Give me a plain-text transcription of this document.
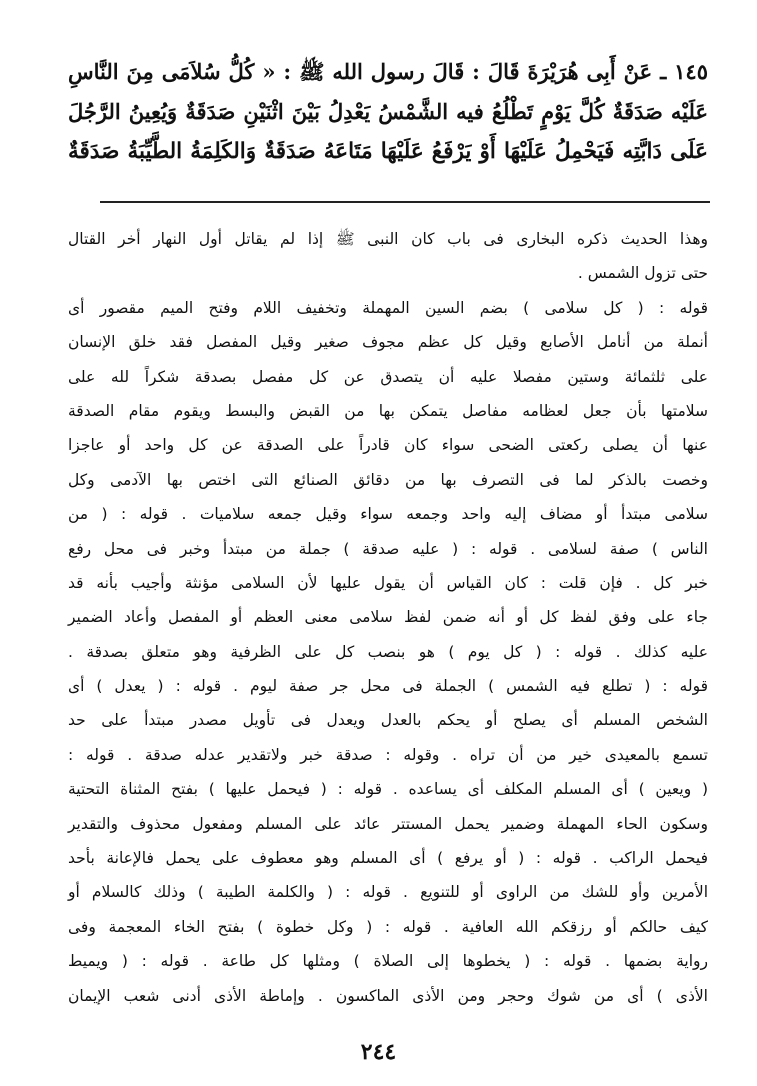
١٤٥ ـ عَنْ أَبِى هُرَيْرَةَ قَالَ : قَالَ رسول الله ﷺ : « كُلُّ سُلاَمَى مِنَ النَّاسِ
عَلَيْه صَدَقَةٌ كُلَّ يَوْمٍ تَطْلُعُ فيه الشَّمْسُ يَعْدِلُ بَيْنَ اثْنَيْنِ صَدَقَةٌ وَيُعِينُ الرَّجُلَ
عَلَى دَابَّتِه فَيَحْمِلُ عَلَيْهَا أَوْ يَرْفَعُ عَلَيْهَا مَتَاعَهُ صَدَقَةٌ وَالكَلِمَةُ الطَّيِّبَةُ صَدَقَةٌ
وهذا الحديث ذكره البخارى فى باب كان النبى ﷺ إذا لم يقاتل أول النهار أخر القتال
حتى تزول الشمس .
قوله : ( كل سلامى ) بضم السين المهملة وتخفيف اللام وفتح الميم مقصور أى
أنملة من أنامل الأصابع وقيل كل عظم مجوف صغير وقيل المفصل فقد خلق الإنسان
على ثلثمائة وستين مفصلا عليه أن يتصدق عن كل مفصل بصدقة شكراً لله على
سلامتها بأن جعل لعظامه مفاصل يتمكن بها من القبض والبسط ويقوم مقام الصدقة
عنها أن يصلى ركعتى الضحى سواء كان قادراً على الصدقة عن كل واحد أو عاجزا
وخصت بالذكر لما فى التصرف بها من دقائق الصنائع التى اختص بها الآدمى وكل
سلامى مبتدأ أو مضاف إليه واحد وجمعه سواء وقيل جمعه سلاميات . قوله : ( من
الناس ) صفة لسلامى . قوله : ( عليه صدقة ) جملة من مبتدأ وخبر فى محل رفع
خبر كل . فإن قلت : كان القياس أن يقول عليها لأن السلامى مؤنثة وأجيب بأنه قد
جاء على وفق لفظ كل أو أنه ضمن لفظ سلامى معنى العظم أو المفصل وأعاد الضمير
عليه كذلك . قوله : ( كل يوم ) هو بنصب كل على الظرفية وهو متعلق بصدقة .
قوله : ( تطلع فيه الشمس ) الجملة فى محل جر صفة ليوم . قوله : ( يعدل ) أى
الشخص المسلم أى يصلح أو يحكم بالعدل ويعدل فى تأويل مصدر مبتدأ على حد
تسمع بالمعيدى خير من أن تراه . وقوله : صدقة خبر ولاتقدير عدله صدقة . قوله :
( ويعين ) أى المسلم المكلف أى يساعده . قوله : ( فيحمل عليها ) بفتح المثناة التحتية
وسكون الحاء المهملة وضمير يحمل المستتر عائد على المسلم ومفعول محذوف والتقدير
فيحمل الراكب . قوله : ( أو يرفع ) أى المسلم وهو معطوف على يحمل فالإعانة بأحد
الأمرين وأو للشك من الراوى أو للتنويع . قوله : ( والكلمة الطيبة ) وذلك كالسلام أو
كيف حالكم أو رزقكم الله العافية . قوله : ( وكل خطوة ) بفتح الخاء المعجمة وفى
رواية بضمها . قوله : ( يخطوها إلى الصلاة ) ومثلها كل طاعة . قوله : ( ويميط
الأذى ) أى من شوك وحجر ومن الأذى الماكسون . وإماطة الأذى أدنى شعب الإيمان
٢٤٤
